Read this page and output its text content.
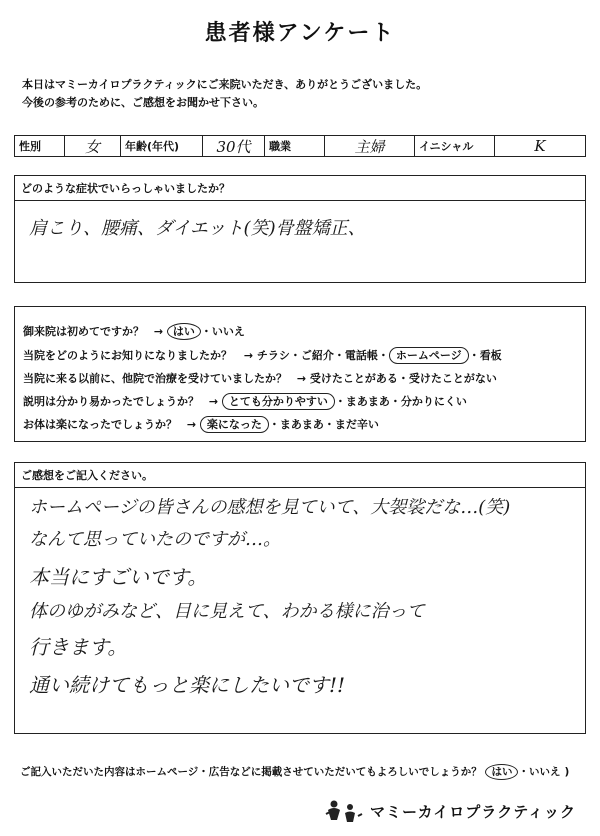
患者様アンケート
本日はマミーカイロプラクティックにご来院いただき、ありがとうございました。
今後の参考のために、ご感想をお聞かせ下さい。
性別	女	年齢(年代)	30代	職業	主婦	イニシャル	K
どのような症状でいらっしゃいましたか？
肩こり、腰痛、ダイエット(笑)骨盤矯正、
御来院は初めてですか？ → はい ・いいえ
当院をどのようにお知りになりましたか？ → チラシ・ご紹介・電話帳・ ホームページ ・看板
当院に来る以前に、他院で治療を受けていましたか？ → 受けたことがある・受けたことがない
説明は分かり易かったでしょうか？ → とても分かりやすい ・まあまあ・分かりにくい
お体は楽になったでしょうか？ → 楽になった ・まあまあ・まだ辛い
ご感想をご記入ください。
ホームページの皆さんの感想を見ていて、大袈裟だな…(笑)
なんて思っていたのですが…。
本当にすごいです。
体のゆがみなど、目に見えて、わかる様に治って
行きます。
通い続けてもっと楽にしたいです!!
ご記入いただいた内容はホームページ・広告などに掲載させていただいてもよろしいでしょうか？ はい ・いいえ )
マミーカイロプラクティック
